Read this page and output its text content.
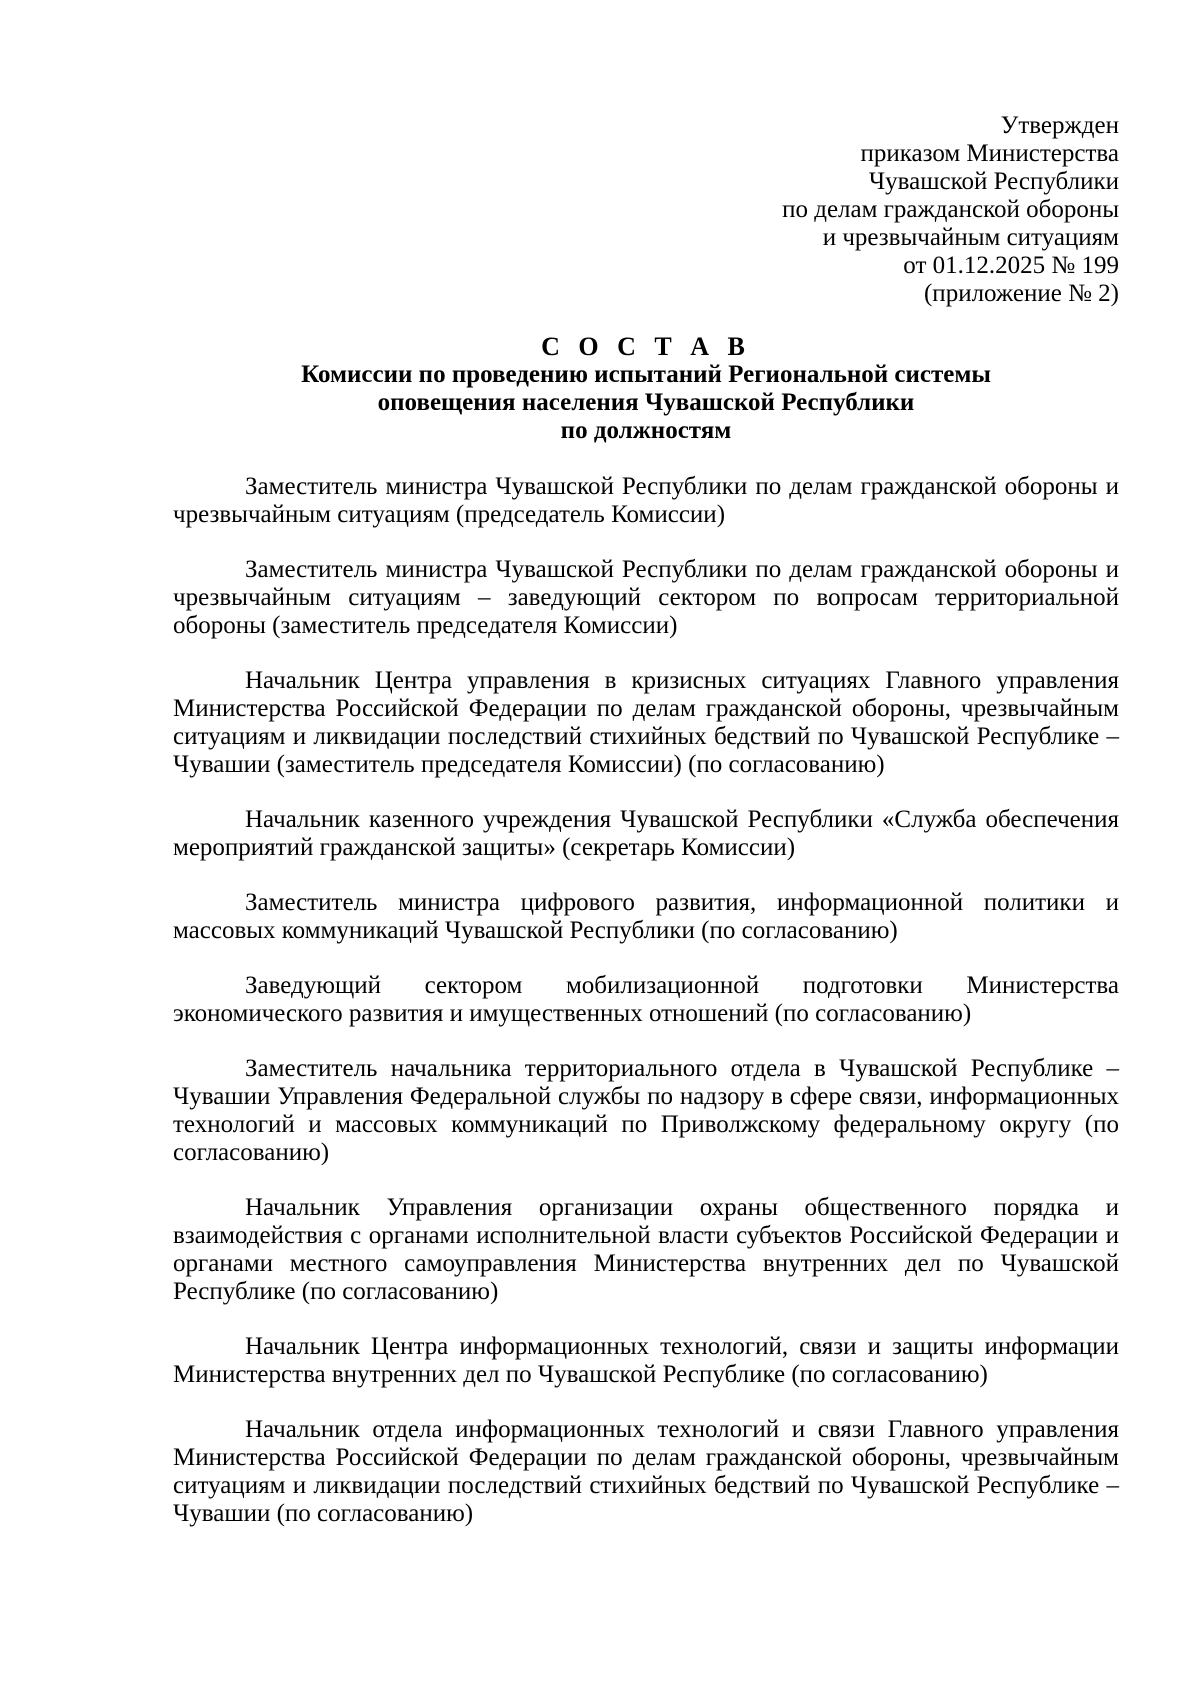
Утвержден
приказом Министерства
Чувашской Республики
по делам гражданской обороны
и чрезвычайным ситуациям
от 01.12.2025 № 199
(приложение № 2)
С О С Т А В
Комиссии по проведению испытаний Региональной системы
оповещения населения Чувашской Республики
по должностям

Заместитель министра Чувашской Республики по делам гражданской обороны и чрезвычайным ситуациям (председатель Комиссии)

Заместитель министра Чувашской Республики по делам гражданской обороны и чрезвычайным ситуациям – заведующий сектором по вопросам территориальной обороны (заместитель председателя Комиссии)

Начальник Центра управления в кризисных ситуациях Главного управления Министерства Российской Федерации по делам гражданской обороны, чрезвычайным ситуациям и ликвидации последствий стихийных бедствий по Чувашской Республике – Чувашии (заместитель председателя Комиссии) (по согласованию)

Начальник казенного учреждения Чувашской Республики «Служба обеспечения мероприятий гражданской защиты» (секретарь Комиссии)

Заместитель министра цифрового развития, информационной политики и массовых коммуникаций Чувашской Республики (по согласованию)

Заведующий сектором мобилизационной подготовки Министерства экономического развития и имущественных отношений (по согласованию)

Заместитель начальника территориального отдела в Чувашской Республике – Чувашии Управления Федеральной службы по надзору в сфере связи, информационных технологий и массовых коммуникаций по Приволжскому федеральному округу (по согласованию)

Начальник Управления организации охраны общественного порядка и взаимодействия с органами исполнительной власти субъектов Российской Федерации и органами местного самоуправления Министерства внутренних дел по Чувашской Республике (по согласованию)

Начальник Центра информационных технологий, связи и защиты информации Министерства внутренних дел по Чувашской Республике (по согласованию)

Начальник отдела информационных технологий и связи Главного управления Министерства Российской Федерации по делам гражданской обороны, чрезвычайным ситуациям и ликвидации последствий стихийных бедствий по Чувашской Республике – Чувашии (по согласованию)
